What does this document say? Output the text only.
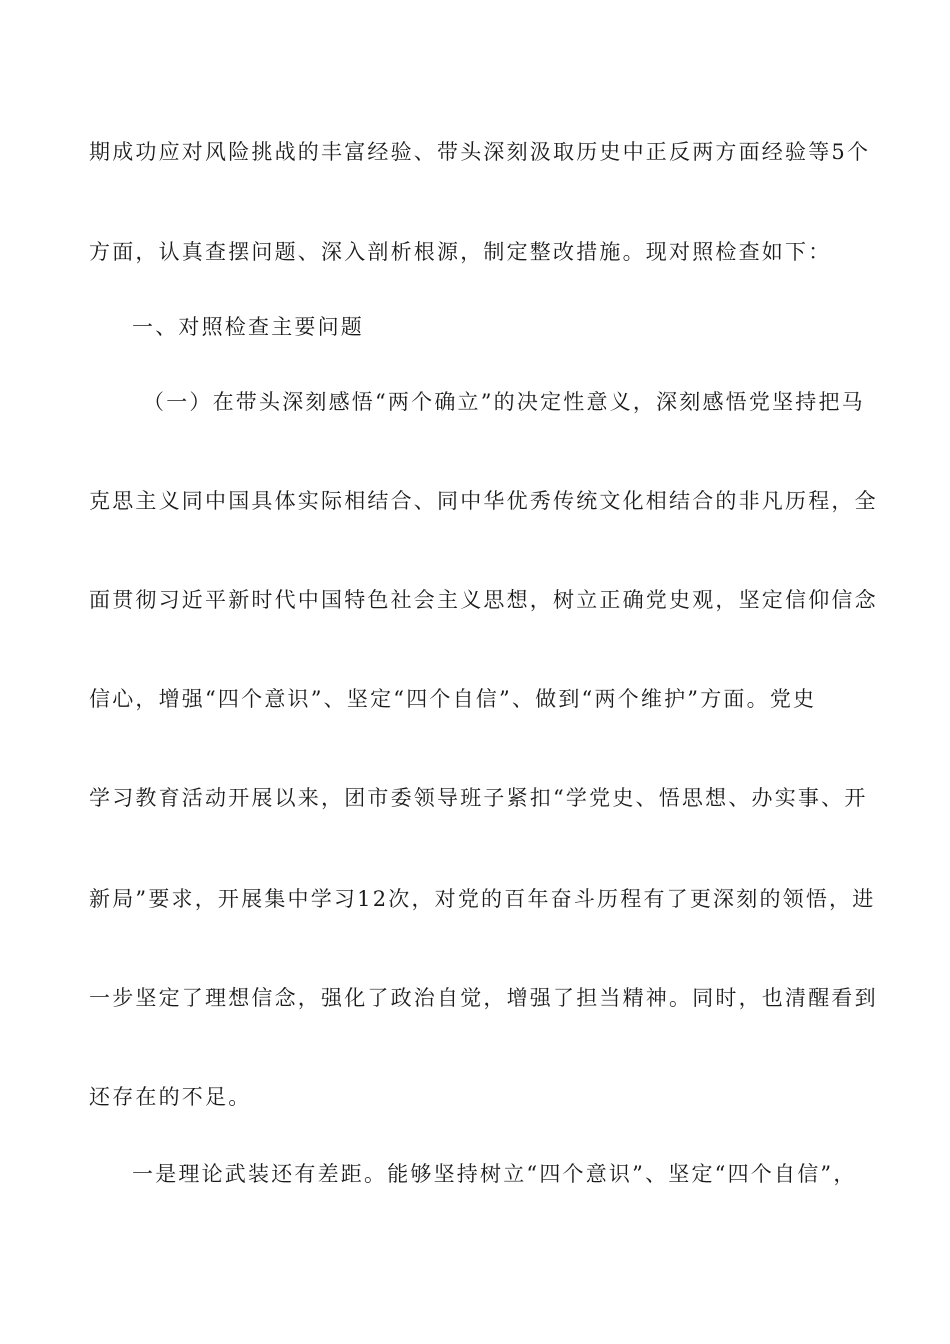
期成功应对风险挑战的丰富经验、带头深刻汲取历史中正反两方面经验等5个
方面，认真查摆问题、深入剖析根源，制定整改措施。现对照检查如下：
一、对照检查主要问题
（一）在带头深刻感悟“两个确立”的决定性意义，深刻感悟党坚持把马
克思主义同中国具体实际相结合、同中华优秀传统文化相结合的非凡历程，全
面贯彻习近平新时代中国特色社会主义思想，树立正确党史观，坚定信仰信念
信心，增强“四个意识”、坚定“四个自信”、做到“两个维护”方面。党史
学习教育活动开展以来，团市委领导班子紧扣“学党史、悟思想、办实事、开
新局”要求，开展集中学习12次，对党的百年奋斗历程有了更深刻的领悟，进
一步坚定了理想信念，强化了政治自觉，增强了担当精神。同时，也清醒看到
还存在的不足。
一是理论武装还有差距。能够坚持树立“四个意识”、坚定“四个自信”，
